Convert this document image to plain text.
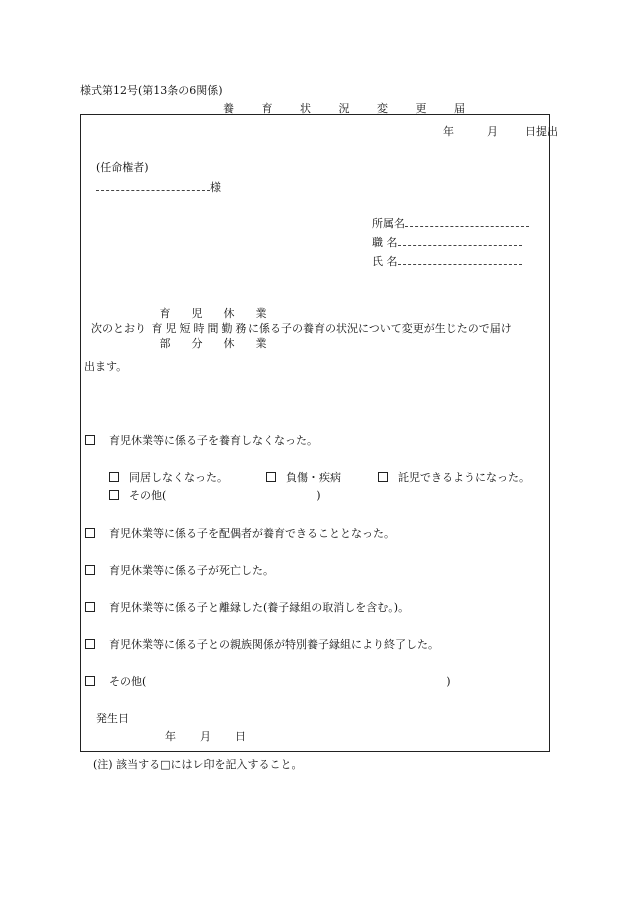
様式第12号(第13条の6関係)
養 育 状 況 変 更 届
年	月 日提出
(任命権者)
様
所属名
職 名
氏 名
育 児 休 業
次のとおり 育 児 短 時 間 勤 務 に係る子の養育の状況について変更が生じたので届け
部 分 休 業
出ます。
育児休業等に係る子を養育しなくなった。
同居しなくなった。	負傷・疾病	託児できるようになった。
その他(	)
育児休業等に係る子を配偶者が養育できることとなった。
育児休業等に係る子が死亡した。
育児休業等に係る子と離縁した(養子縁組の取消しを含む。)。
育児休業等に係る子との親族関係が特別養子縁組により終了した。
その他(	)
発生日
年 月 日
(注) 該当する□にはレ印を記入すること。
